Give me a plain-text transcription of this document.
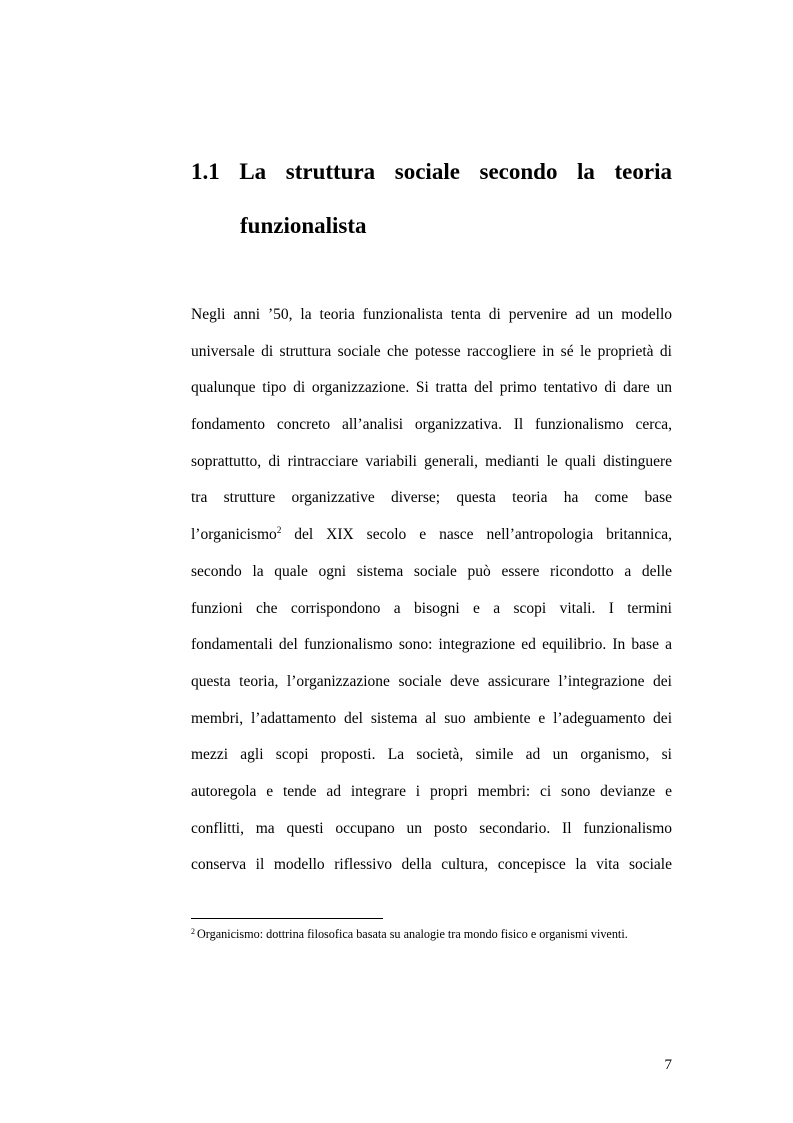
1.1 La struttura sociale secondo la teoria
funzionalista
Negli anni ’50, la teoria funzionalista tenta di pervenire ad un modello
universale di struttura sociale che potesse raccogliere in sé le proprietà di
qualunque tipo di organizzazione. Si tratta del primo tentativo di dare un
fondamento concreto all’analisi organizzativa. Il funzionalismo cerca,
soprattutto, di rintracciare variabili generali, medianti le quali distinguere
tra strutture organizzative diverse; questa teoria ha come base
l’organicismo$^2$ del XIX secolo e nasce nell’antropologia britannica,
secondo la quale ogni sistema sociale può essere ricondotto a delle
funzioni che corrispondono a bisogni e a scopi vitali. I termini
fondamentali del funzionalismo sono: integrazione ed equilibrio. In base a
questa teoria, l’organizzazione sociale deve assicurare l’integrazione dei
membri, l’adattamento del sistema al suo ambiente e l’adeguamento dei
mezzi agli scopi proposti. La società, simile ad un organismo, si
autoregola e tende ad integrare i propri membri: ci sono devianze e
conflitti, ma questi occupano un posto secondario. Il funzionalismo
conserva il modello riflessivo della cultura, concepisce la vita sociale

$^2$ Organicismo: dottrina filosofica basata su analogie tra mondo fisico e organismi viventi.

7
